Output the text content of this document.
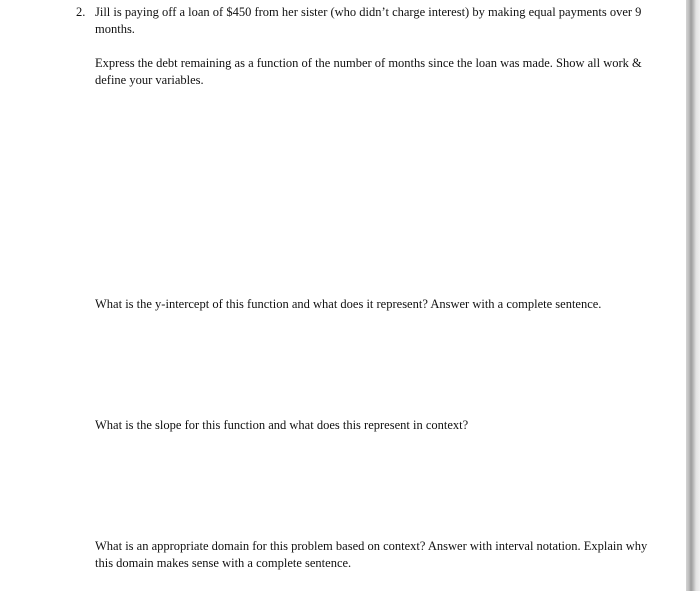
2. Jill is paying off a loan of $450 from her sister (who didn’t charge interest) by making equal payments over 9 months.
Express the debt remaining as a function of the number of months since the loan was made. Show all work & define your variables.
What is the y-intercept of this function and what does it represent? Answer with a complete sentence.
What is the slope for this function and what does this represent in context?
What is an appropriate domain for this problem based on context? Answer with interval notation. Explain why this domain makes sense with a complete sentence.
